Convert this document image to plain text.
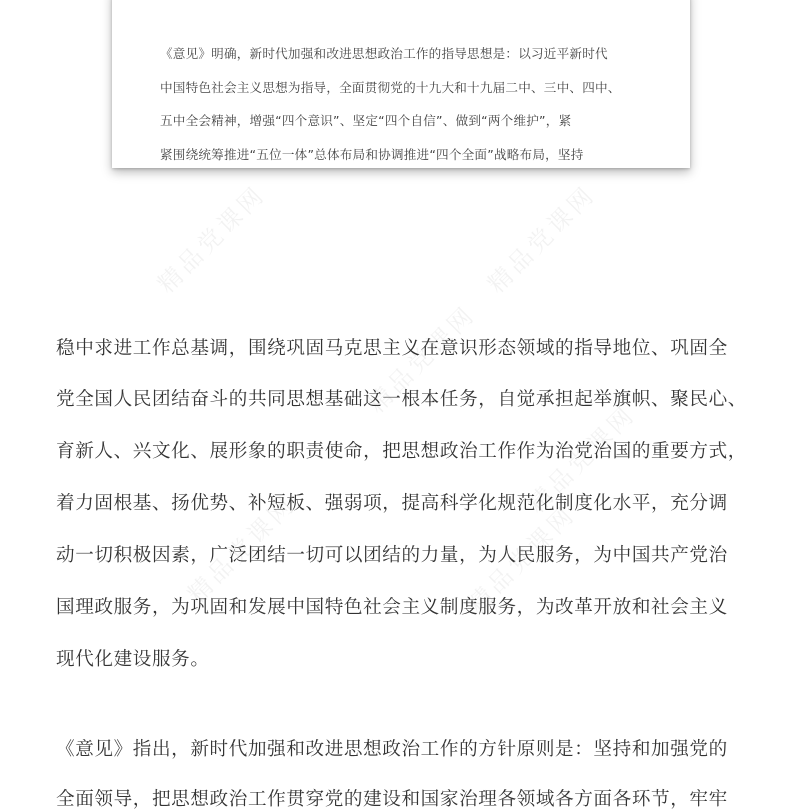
《意见》明确，新时代加强和改进思想政治工作的指导思想是：以习近平新时代
中国特色社会主义思想为指导，全面贯彻党的十九大和十九届二中、三中、四中、
五中全会精神，增强“四个意识”、坚定“四个自信”、做到“两个维护”，紧
紧围绕统筹推进“五位一体”总体布局和协调推进“四个全面”战略布局，坚持
精品党课网	精品党课网
精品党课网
精品党课网
精品党课网	精品党课网
稳中求进工作总基调，围绕巩固马克思主义在意识形态领域的指导地位、巩固全
党全国人民团结奋斗的共同思想基础这一根本任务，自觉承担起举旗帜、聚民心、
育新人、兴文化、展形象的职责使命，把思想政治工作作为治党治国的重要方式，
着力固根基、扬优势、补短板、强弱项，提高科学化规范化制度化水平，充分调
动一切积极因素，广泛团结一切可以团结的力量，为人民服务，为中国共产党治
国理政服务，为巩固和发展中国特色社会主义制度服务，为改革开放和社会主义
现代化建设服务。
《意见》指出，新时代加强和改进思想政治工作的方针原则是：坚持和加强党的
全面领导，把思想政治工作贯穿党的建设和国家治理各领域各方面各环节，牢牢
